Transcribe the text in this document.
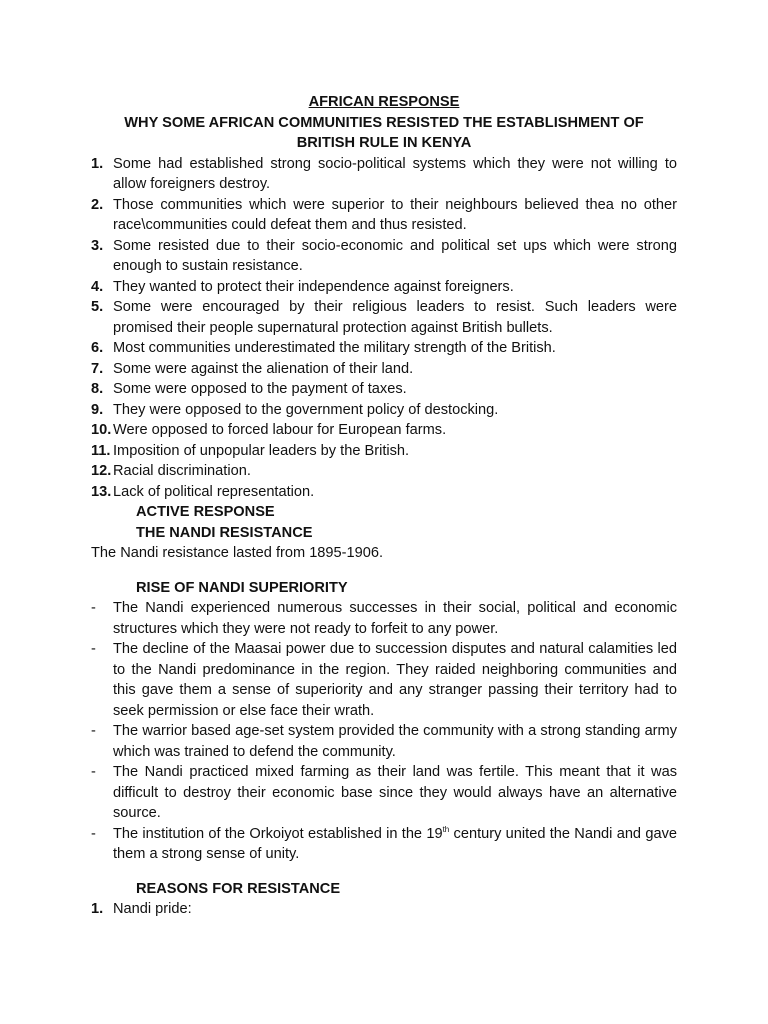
AFRICAN RESPONSE
WHY SOME AFRICAN COMMUNITIES RESISTED THE ESTABLISHMENT OF
BRITISH RULE IN KENYA
1. Some had established strong socio-political systems which they were not willing to allow foreigners destroy.
2. Those communities which were superior to their neighbours believed thea no other race\communities could defeat them and thus resisted.
3. Some resisted due to their socio-economic and political set ups which were strong enough to sustain resistance.
4. They wanted to protect their independence against foreigners.
5. Some were encouraged by their religious leaders to resist. Such leaders were promised their people supernatural protection against British bullets.
6. Most communities underestimated the military strength of the British.
7. Some were against the alienation of their land.
8. Some were opposed to the payment of taxes.
9. They were opposed to the government policy of destocking.
10. Were opposed to forced labour for European farms.
11. Imposition of unpopular leaders by the British.
12. Racial discrimination.
13. Lack of political representation.
ACTIVE RESPONSE
THE NANDI RESISTANCE
The Nandi resistance lasted from 1895-1906.
RISE OF NANDI SUPERIORITY
- The Nandi experienced numerous successes in their social, political and economic structures which they were not ready to forfeit to any power.
- The decline of the Maasai power due to succession disputes and natural calamities led to the Nandi predominance in the region. They raided neighboring communities and this gave them a sense of superiority and any stranger passing their territory had to seek permission or else face their wrath.
- The warrior based age-set system provided the community with a strong standing army which was trained to defend the community.
- The Nandi practiced mixed farming as their land was fertile. This meant that it was difficult to destroy their economic base since they would always have an alternative source.
- The institution of the Orkoiyot established in the 19th century united the Nandi and gave them a strong sense of unity.
REASONS FOR RESISTANCE
1. Nandi pride:
